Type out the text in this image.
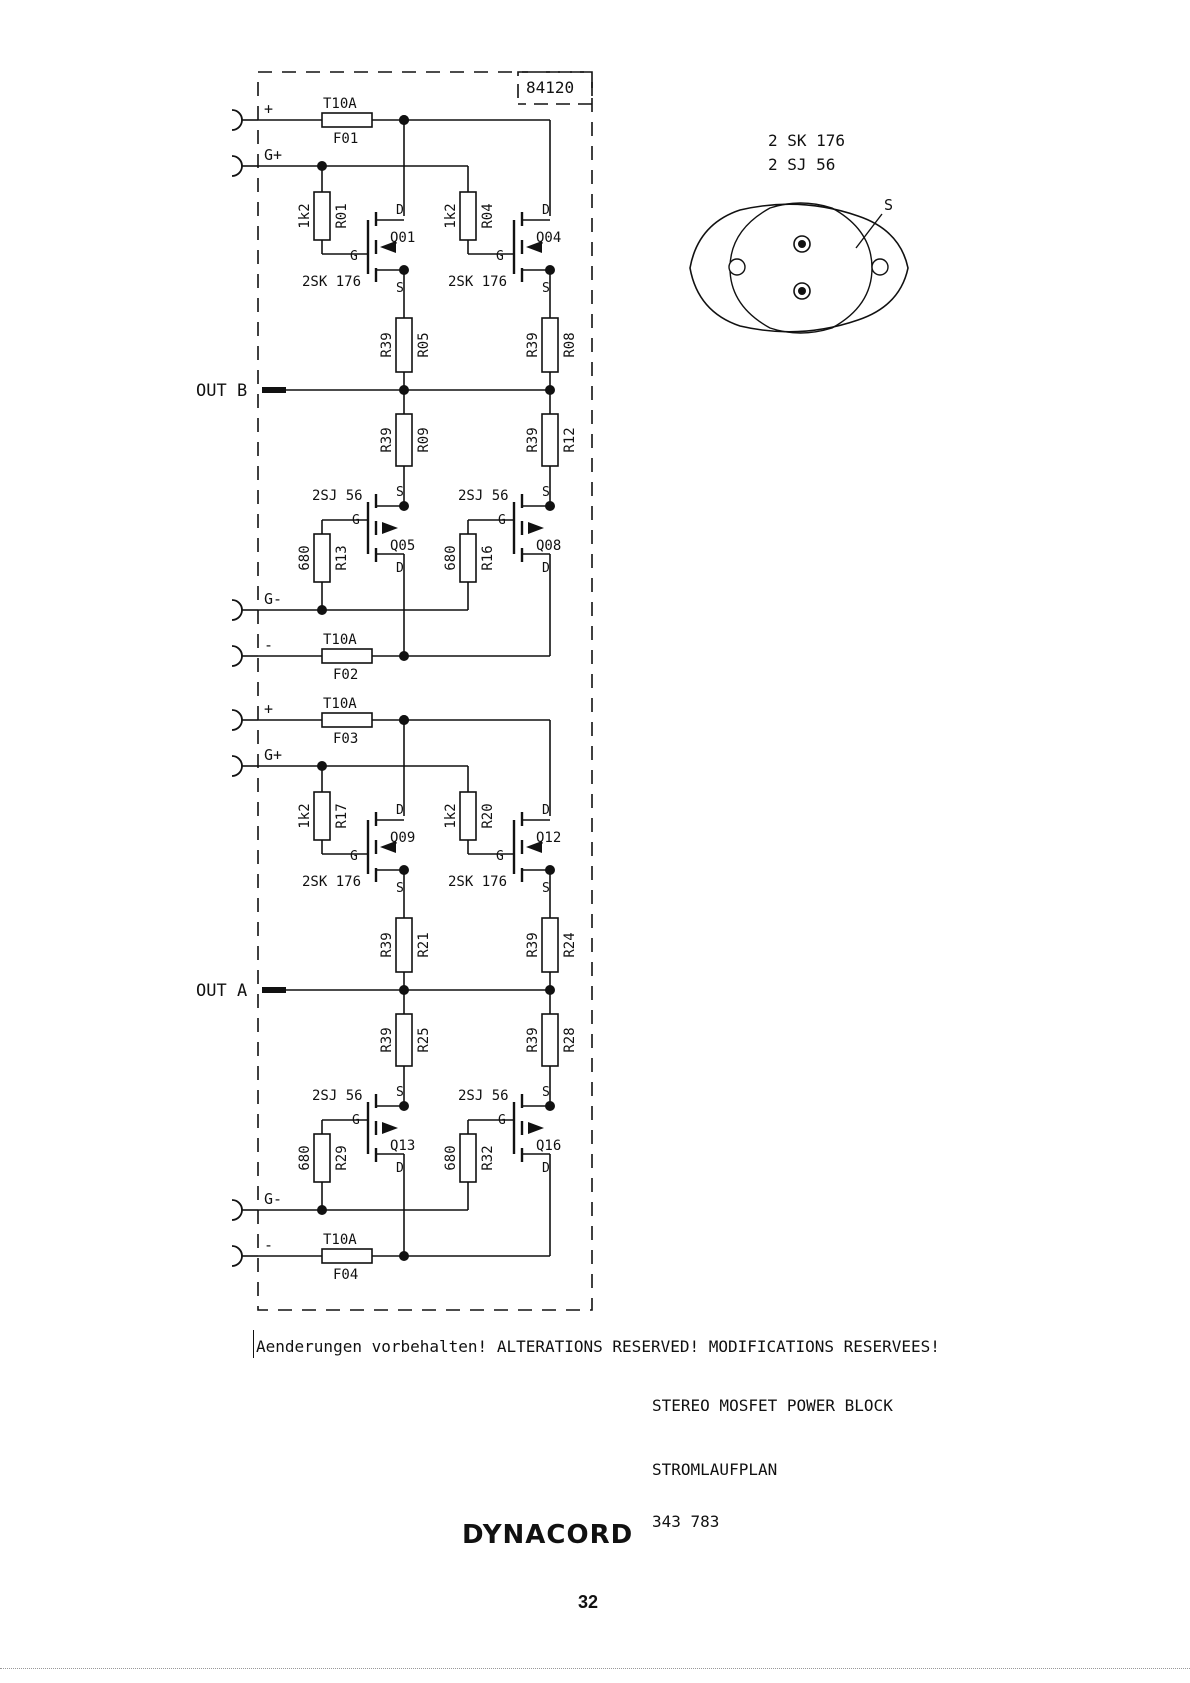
84120
+
G+
G-
-
+
G+
G-
-
OUT B
OUT A
T10A
F01
1k2 R01	D
G
S
Q01
2SK 176
R39 R05
1k2 R04	D
G
S
Q04
2SK 176
R39 R08
R39 R09
S
G
D
Q05
2SJ 56
680 R13
R39 R12
S
G
D
Q08
2SJ 56
680 R16
T10A
F02
T10A
F03
1k2 R17	D
G
S
Q09
2SK 176
R39 R21
1k2 R20	D
G
S
Q12
2SK 176
R39 R24
R39 R25
S
G
D
Q13
2SJ 56
680 R29
R39 R28
S
G
D
Q16
2SJ 56
680 R32
T10A
F04
2 SK 176
2 SJ 56
S
Aenderungen vorbehalten! ALTERATIONS RESERVED! MODIFICATIONS RESERVEES!
STEREO MOSFET POWER BLOCK
STROMLAUFPLAN
343 783
DYNACORD
32
